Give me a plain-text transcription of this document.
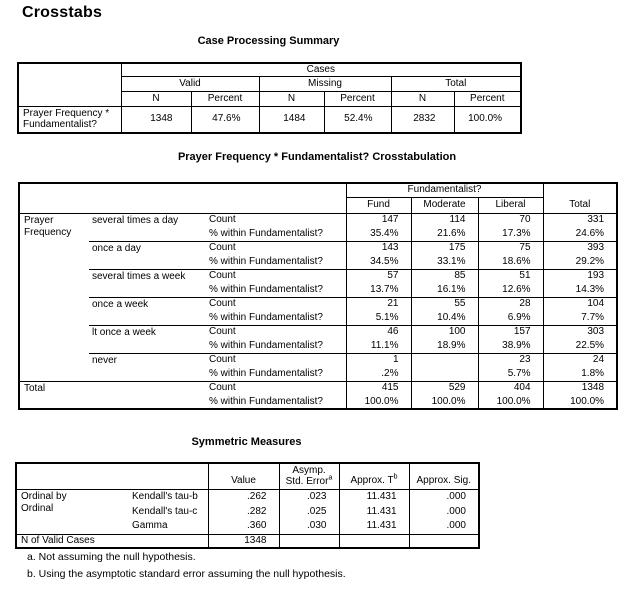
Crosstabs
Case Processing Summary
	Cases					
	Valid		Missing		Total	
	N	Percent	N	Percent	N	Percent

Prayer Frequency *
Fundamentalist?	1348	47.6%	1484	52.4%	2832	100.0%
Prayer Frequency * Fundamentalist? Crosstabulation
			Fundamentalist?			Total
			Fund	Moderate	Liberal	

Prayer
Frequency	several times a day	Count	147	114	70	331
		% within Fundamentalist?	35.4%	21.6%	17.3%	24.6%
	once a day	Count	143	175	75	393
		% within Fundamentalist?	34.5%	33.1%	18.6%	29.2%
	several times a week	Count	57	85	51	193
		% within Fundamentalist?	13.7%	16.1%	12.6%	14.3%
	once a week	Count	21	55	28	104
		% within Fundamentalist?	5.1%	10.4%	6.9%	7.7%
	lt once a week	Count	46	100	157	303
		% within Fundamentalist?	11.1%	18.9%	38.9%	22.5%
	never	Count	1		23	24
		% within Fundamentalist?	.2%		5.7%	1.8%
Total		Count	415	529	404	1348
		% within Fundamentalist?	100.0%	100.0%	100.0%	100.0%
Symmetric Measures
		Value	Asymp.
Std. Error$^a$	Approx. $T^b$	Approx. Sig.

Ordinal by
Ordinal	Kendall's tau-b	.262	.023	11.431	.000
	Kendall's tau-c	.282	.025	11.431	.000
	Gamma	.360	.030	11.431	.000
N of Valid Cases		1348			
a. Not assuming the null hypothesis.
b. Using the asymptotic standard error assuming the null hypothesis.
